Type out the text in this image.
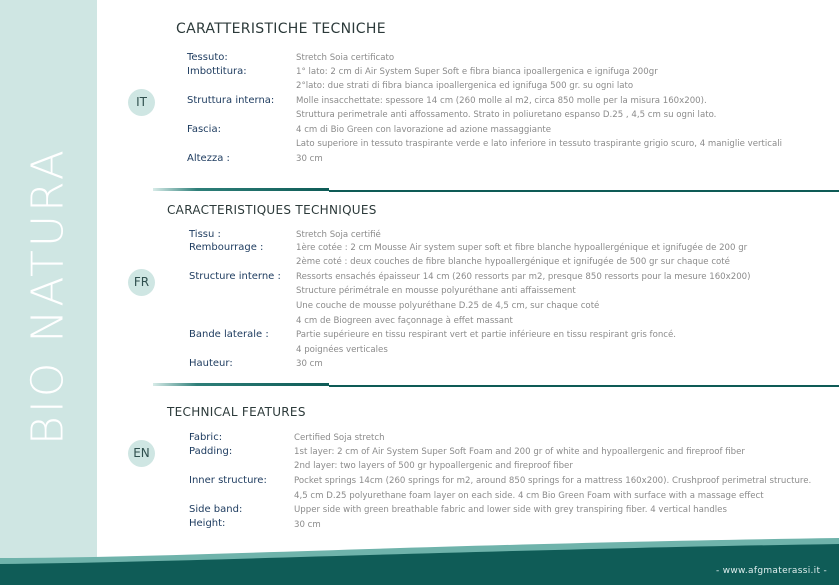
BIO NATURA
IT
CARATTERISTICHE TECNICHE
Tessuto:	Stretch Soia certificato
Imbottitura:	1° lato: 2 cm di Air System Super Soft e fibra bianca ipoallergenica e ignifuga 200gr
2°lato: due strati di fibra bianca ipoallergenica ed ignifuga 500 gr. su ogni lato
Struttura interna:	Molle insacchettate: spessore 14 cm (260 molle al m2, circa 850 molle per la misura 160x200).
Struttura perimetrale anti affossamento. Strato in poliuretano espanso D.25 , 4,5 cm su ogni lato.
Fascia:	4 cm di Bio Green con lavorazione ad azione massaggiante
Lato superiore in tessuto traspirante verde e lato inferiore in tessuto traspirante grigio scuro, 4 maniglie verticali
Altezza :	30 cm
FR
CARACTERISTIQUES TECHNIQUES
Tissu :	Stretch Soja certifié
Rembourrage :	1ère cotée : 2 cm Mousse Air system super soft et fibre blanche hypoallergénique et ignifugée de 200 gr
2ème coté : deux couches de fibre blanche hypoallergénique et ignifugée de 500 gr sur chaque coté
Structure interne : Ressorts ensachés épaisseur 14 cm (260 ressorts par m2, presque 850 ressorts pour la mesure 160x200)
Structure périmétrale en mousse polyuréthane anti affaissement
Une couche de mousse polyuréthane D.25 de 4,5 cm, sur chaque coté
4 cm de Biogreen avec façonnage à effet massant
Bande laterale :	Partie supérieure en tissu respirant vert et partie inférieure en tissu respirant gris foncé.
4 poignées verticales
Hauteur:	30 cm
EN
TECHNICAL FEATURES
Fabric:	Certified Soja stretch
Padding:	1st layer: 2 cm of Air System Super Soft Foam and 200 gr of white and hypoallergenic and fireproof fiber
2nd layer: two layers of 500 gr hypoallergenic and fireproof fiber
Inner structure:	Pocket springs 14cm (260 springs for m2, around 850 springs for a mattress 160x200). Crushproof perimetral structure.
4,5 cm D.25 polyurethane foam layer on each side. 4 cm Bio Green Foam with surface with a massage effect
Side band:	Upper side with green breathable fabric and lower side with grey transpiring fiber. 4 vertical handles
Height:	30 cm
- www.afgmaterassi.it -
